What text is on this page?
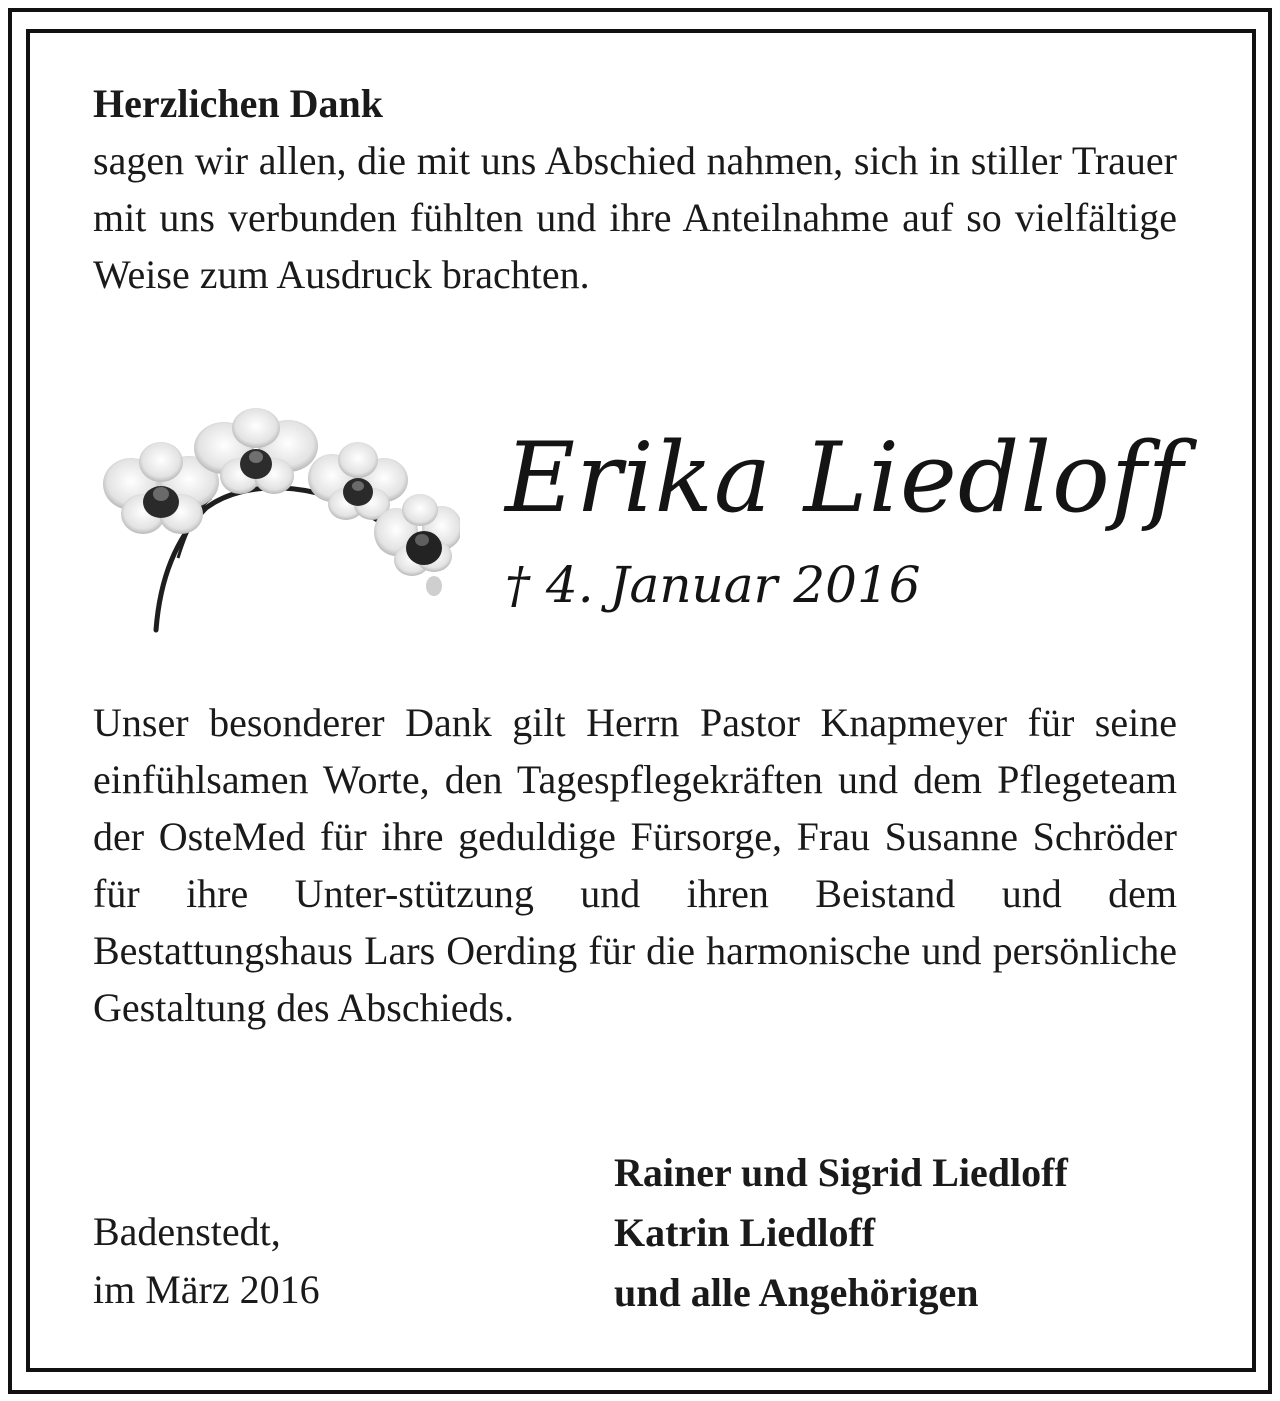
Herzlichen Dank
sagen wir allen, die mit uns Abschied nahmen, sich in stiller Trauer mit uns verbunden fühlten und ihre Anteilnahme auf so vielfältige Weise zum Ausdruck brachten.
Erika Liedloff
† 4. Januar 2016
Unser besonderer Dank gilt Herrn Pastor Knapmeyer für seine einfühlsamen Worte, den Tagespflegekräften und dem Pflegeteam der OsteMed für ihre geduldige Fürsorge, Frau Susanne Schröder für ihre Unter-stützung und ihren Beistand und dem Bestattungshaus Lars Oerding für die harmonische und persönliche Gestaltung des Abschieds.
Badenstedt,
im März 2016
Rainer und Sigrid Liedloff
Katrin Liedloff
und alle Angehörigen
